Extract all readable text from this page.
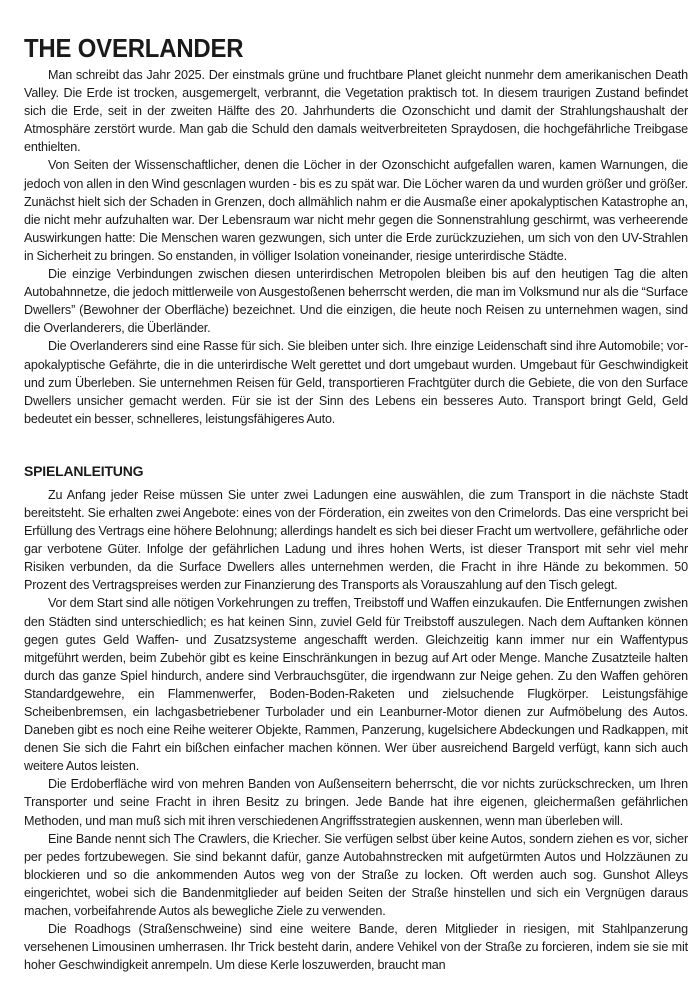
THE OVERLANDER

Man schreibt das Jahr 2025. Der einstmals grüne und fruchtbare Planet gleicht nunmehr dem amerikanischen Death Valley. Die Erde ist trocken, ausgemergelt, verbrannt, die Vegetation praktisch tot. In diesem traurigen Zustand befindet sich die Erde, seit in der zweiten Hälfte des 20. Jahrhunderts die Ozonschicht und damit der Strahlungshaushalt der Atmosphäre zerstört wurde. Man gab die Schuld den damals weitverbreiteten Spraydosen, die hochgefährliche Treibgase enthielten.

Von Seiten der Wissenschaftlicher, denen die Löcher in der Ozonschicht aufgefallen waren, kamen Warnungen, die jedoch von allen in den Wind gescnlagen wurden - bis es zu spät war. Die Löcher waren da und wurden größer und größer. Zunächst hielt sich der Schaden in Grenzen, doch allmählich nahm er die Ausmaße einer apokalyptischen Katastrophe an, die nicht mehr aufzuhalten war. Der Lebensraum war nicht mehr gegen die Sonnenstrahlung geschirmt, was verheerende Auswirkungen hatte: Die Menschen waren gezwungen, sich unter die Erde zurückzuziehen, um sich von den UV-Strahlen in Sicherheit zu bringen. So enstanden, in völliger Isolation voneinander, riesige unterirdische Städte.

Die einzige Verbindungen zwischen diesen unterirdischen Metropolen bleiben bis auf den heutigen Tag die alten Autobahnnetze, die jedoch mittlerweile von Ausgestoßenen beherrscht werden, die man im Volksmund nur als die “Surface Dwellers” (Bewohner der Oberfläche) bezeichnet. Und die einzigen, die heute noch Reisen zu unternehmen wagen, sind die Overlanderers, die Überländer.

Die Overlanderers sind eine Rasse für sich. Sie bleiben unter sich. Ihre einzige Leidenschaft sind ihre Automobile; vor-apokalyptische Gefährte, die in die unterirdische Welt gerettet und dort umgebaut wurden. Umgebaut für Geschwindigkeit und zum Überleben. Sie unternehmen Reisen für Geld, transportieren Frachtgüter durch die Gebiete, die von den Surface Dwellers unsicher gemacht werden. Für sie ist der Sinn des Lebens ein besseres Auto. Transport bringt Geld, Geld bedeutet ein besser, schnelleres, leistungsfähigeres Auto.

SPIELANLEITUNG

Zu Anfang jeder Reise müssen Sie unter zwei Ladungen eine auswählen, die zum Transport in die nächste Stadt bereitsteht. Sie erhalten zwei Angebote: eines von der Förderation, ein zweites von den Crimelords. Das eine verspricht bei Erfüllung des Vertrags eine höhere Belohnung; allerdings handelt es sich bei dieser Fracht um wertvollere, gefährliche oder gar verbotene Güter. Infolge der gefährlichen Ladung und ihres hohen Werts, ist dieser Transport mit sehr viel mehr Risiken verbunden, da die Surface Dwellers alles unternehmen werden, die Fracht in ihre Hände zu bekommen. 50 Prozent des Vertragspreises werden zur Finanzierung des Transports als Vorauszahlung auf den Tisch gelegt.

Vor dem Start sind alle nötigen Vorkehrungen zu treffen, Treibstoff und Waffen einzukaufen. Die Entfernungen zwishen den Städten sind unterschiedlich; es hat keinen Sinn, zuviel Geld für Treibstoff auszulegen. Nach dem Auftanken können gegen gutes Geld Waffen- und Zusatzsysteme angeschafft werden. Gleichzeitig kann immer nur ein Waffentypus mitgeführt werden, beim Zubehör gibt es keine Einschränkungen in bezug auf Art oder Menge. Manche Zusatzteile halten durch das ganze Spiel hindurch, andere sind Verbrauchsgüter, die irgendwann zur Neige gehen. Zu den Waffen gehören Standardgewehre, ein Flammenwerfer, Boden-Boden-Raketen und zielsuchende Flugkörper. Leistungsfähige Scheibenbremsen, ein lachgasbetriebener Turbolader und ein Leanburner-Motor dienen zur Aufmöbelung des Autos. Daneben gibt es noch eine Reihe weiterer Objekte, Rammen, Panzerung, kugelsichere Abdeckungen und Radkappen, mit denen Sie sich die Fahrt ein bißchen einfacher machen können. Wer über ausreichend Bargeld verfügt, kann sich auch weitere Autos leisten.

Die Erdoberfläche wird von mehren Banden von Außenseitern beherrscht, die vor nichts zurückschrecken, um Ihren Transporter und seine Fracht in ihren Besitz zu bringen. Jede Bande hat ihre eigenen, gleichermaßen gefährlichen Methoden, und man muß sich mit ihren verschiedenen Angriffsstrategien auskennen, wenn man überleben will.

Eine Bande nennt sich The Crawlers, die Kriecher. Sie verfügen selbst über keine Autos, sondern ziehen es vor, sicher per pedes fortzubewegen. Sie sind bekannt dafür, ganze Autobahnstrecken mit aufgetürmten Autos und Holzzäunen zu blockieren und so die ankommenden Autos weg von der Straße zu locken. Oft werden auch sog. Gunshot Alleys eingerichtet, wobei sich die Bandenmitglieder auf beiden Seiten der Straße hinstellen und sich ein Vergnügen daraus machen, vorbeifahrende Autos als bewegliche Ziele zu verwenden.

Die Roadhogs (Straßenschweine) sind eine weitere Bande, deren Mitglieder in riesigen, mit Stahlpanzerung versehenen Limousinen umherrasen. Ihr Trick besteht darin, andere Vehikel von der Straße zu forcieren, indem sie sie mit hoher Geschwindigkeit anrempeln. Um diese Kerle loszuwerden, braucht man
